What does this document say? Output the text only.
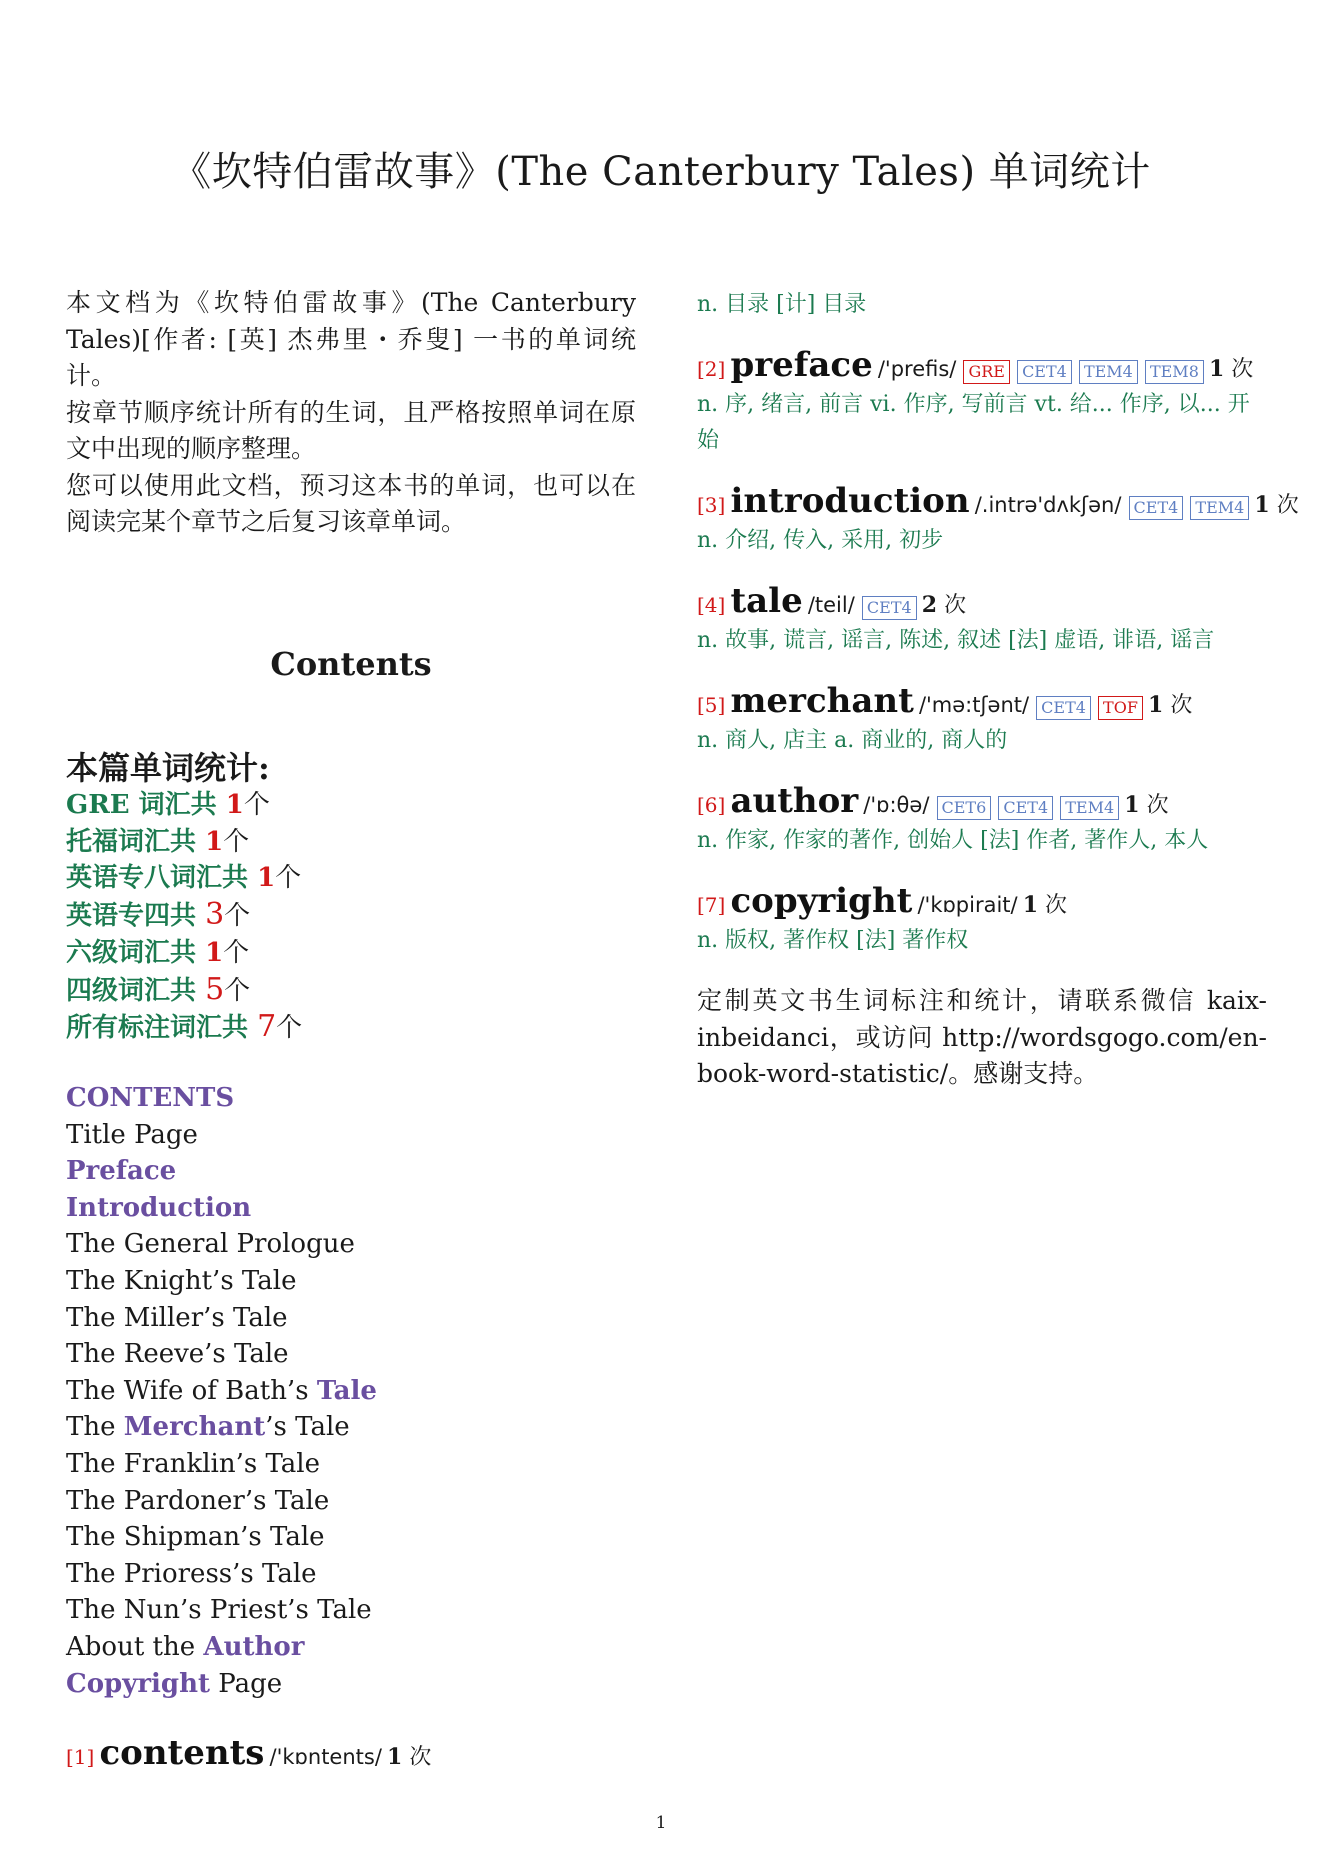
《坎特伯雷故事》(The Canterbury Tales) 单词统计

本文档为《坎特伯雷故事》(The Canterbury Tales)[作者: [英] 杰弗里・乔叟] 一书的单词统计。

按章节顺序统计所有的生词，且严格按照单词在原文中出现的顺序整理。

您可以使用此文档，预习这本书的单词，也可以在阅读完某个章节之后复习该章单词。

Contents
本篇单词统计:
GRE 词汇共 1个
托福词汇共 1个
英语专八词汇共 1个
英语专四共 3个
六级词汇共 1个
四级词汇共 5个
所有标注词汇共 7个
CONTENTS
Title Page
Preface
Introduction
The General Prologue
The Knight’s Tale
The Miller’s Tale
The Reeve’s Tale
The Wife of Bath’s Tale
The Merchant’s Tale
The Franklin’s Tale
The Pardoner’s Tale
The Shipman’s Tale
The Prioress’s Tale
The Nun’s Priest’s Tale
About the Author
Copyright Page
[1] contents /'kɒntents/ 1 次
n. 目录 [计] 目录
[2] preface /'prefis/ GRE CET4 TEM4 TEM8 1 次
n. 序, 绪言, 前言 vi. 作序, 写前言 vt. 给... 作序, 以... 开始
[3] introduction /.intrə'dʌkʃən/ CET4 TEM4 1 次
n. 介绍, 传入, 采用, 初步
[4] tale /teil/ CET4 2 次
n. 故事, 谎言, 谣言, 陈述, 叙述 [法] 虚语, 诽语, 谣言
[5] merchant /'mə:tʃənt/ CET4 TOF 1 次
n. 商人, 店主 a. 商业的, 商人的
[6] author /'ɒ:θə/ CET6 CET4 TEM4 1 次
n. 作家, 作家的著作, 创始人 [法] 作者, 著作人, 本人
[7] copyright /'kɒpirait/ 1 次
n. 版权, 著作权 [法] 著作权
定制英文书生词标注和统计，请联系微信 kaix-inbeidanci，或访问 http://wordsgogo.com/en-book-word-statistic/。感谢支持。
1
